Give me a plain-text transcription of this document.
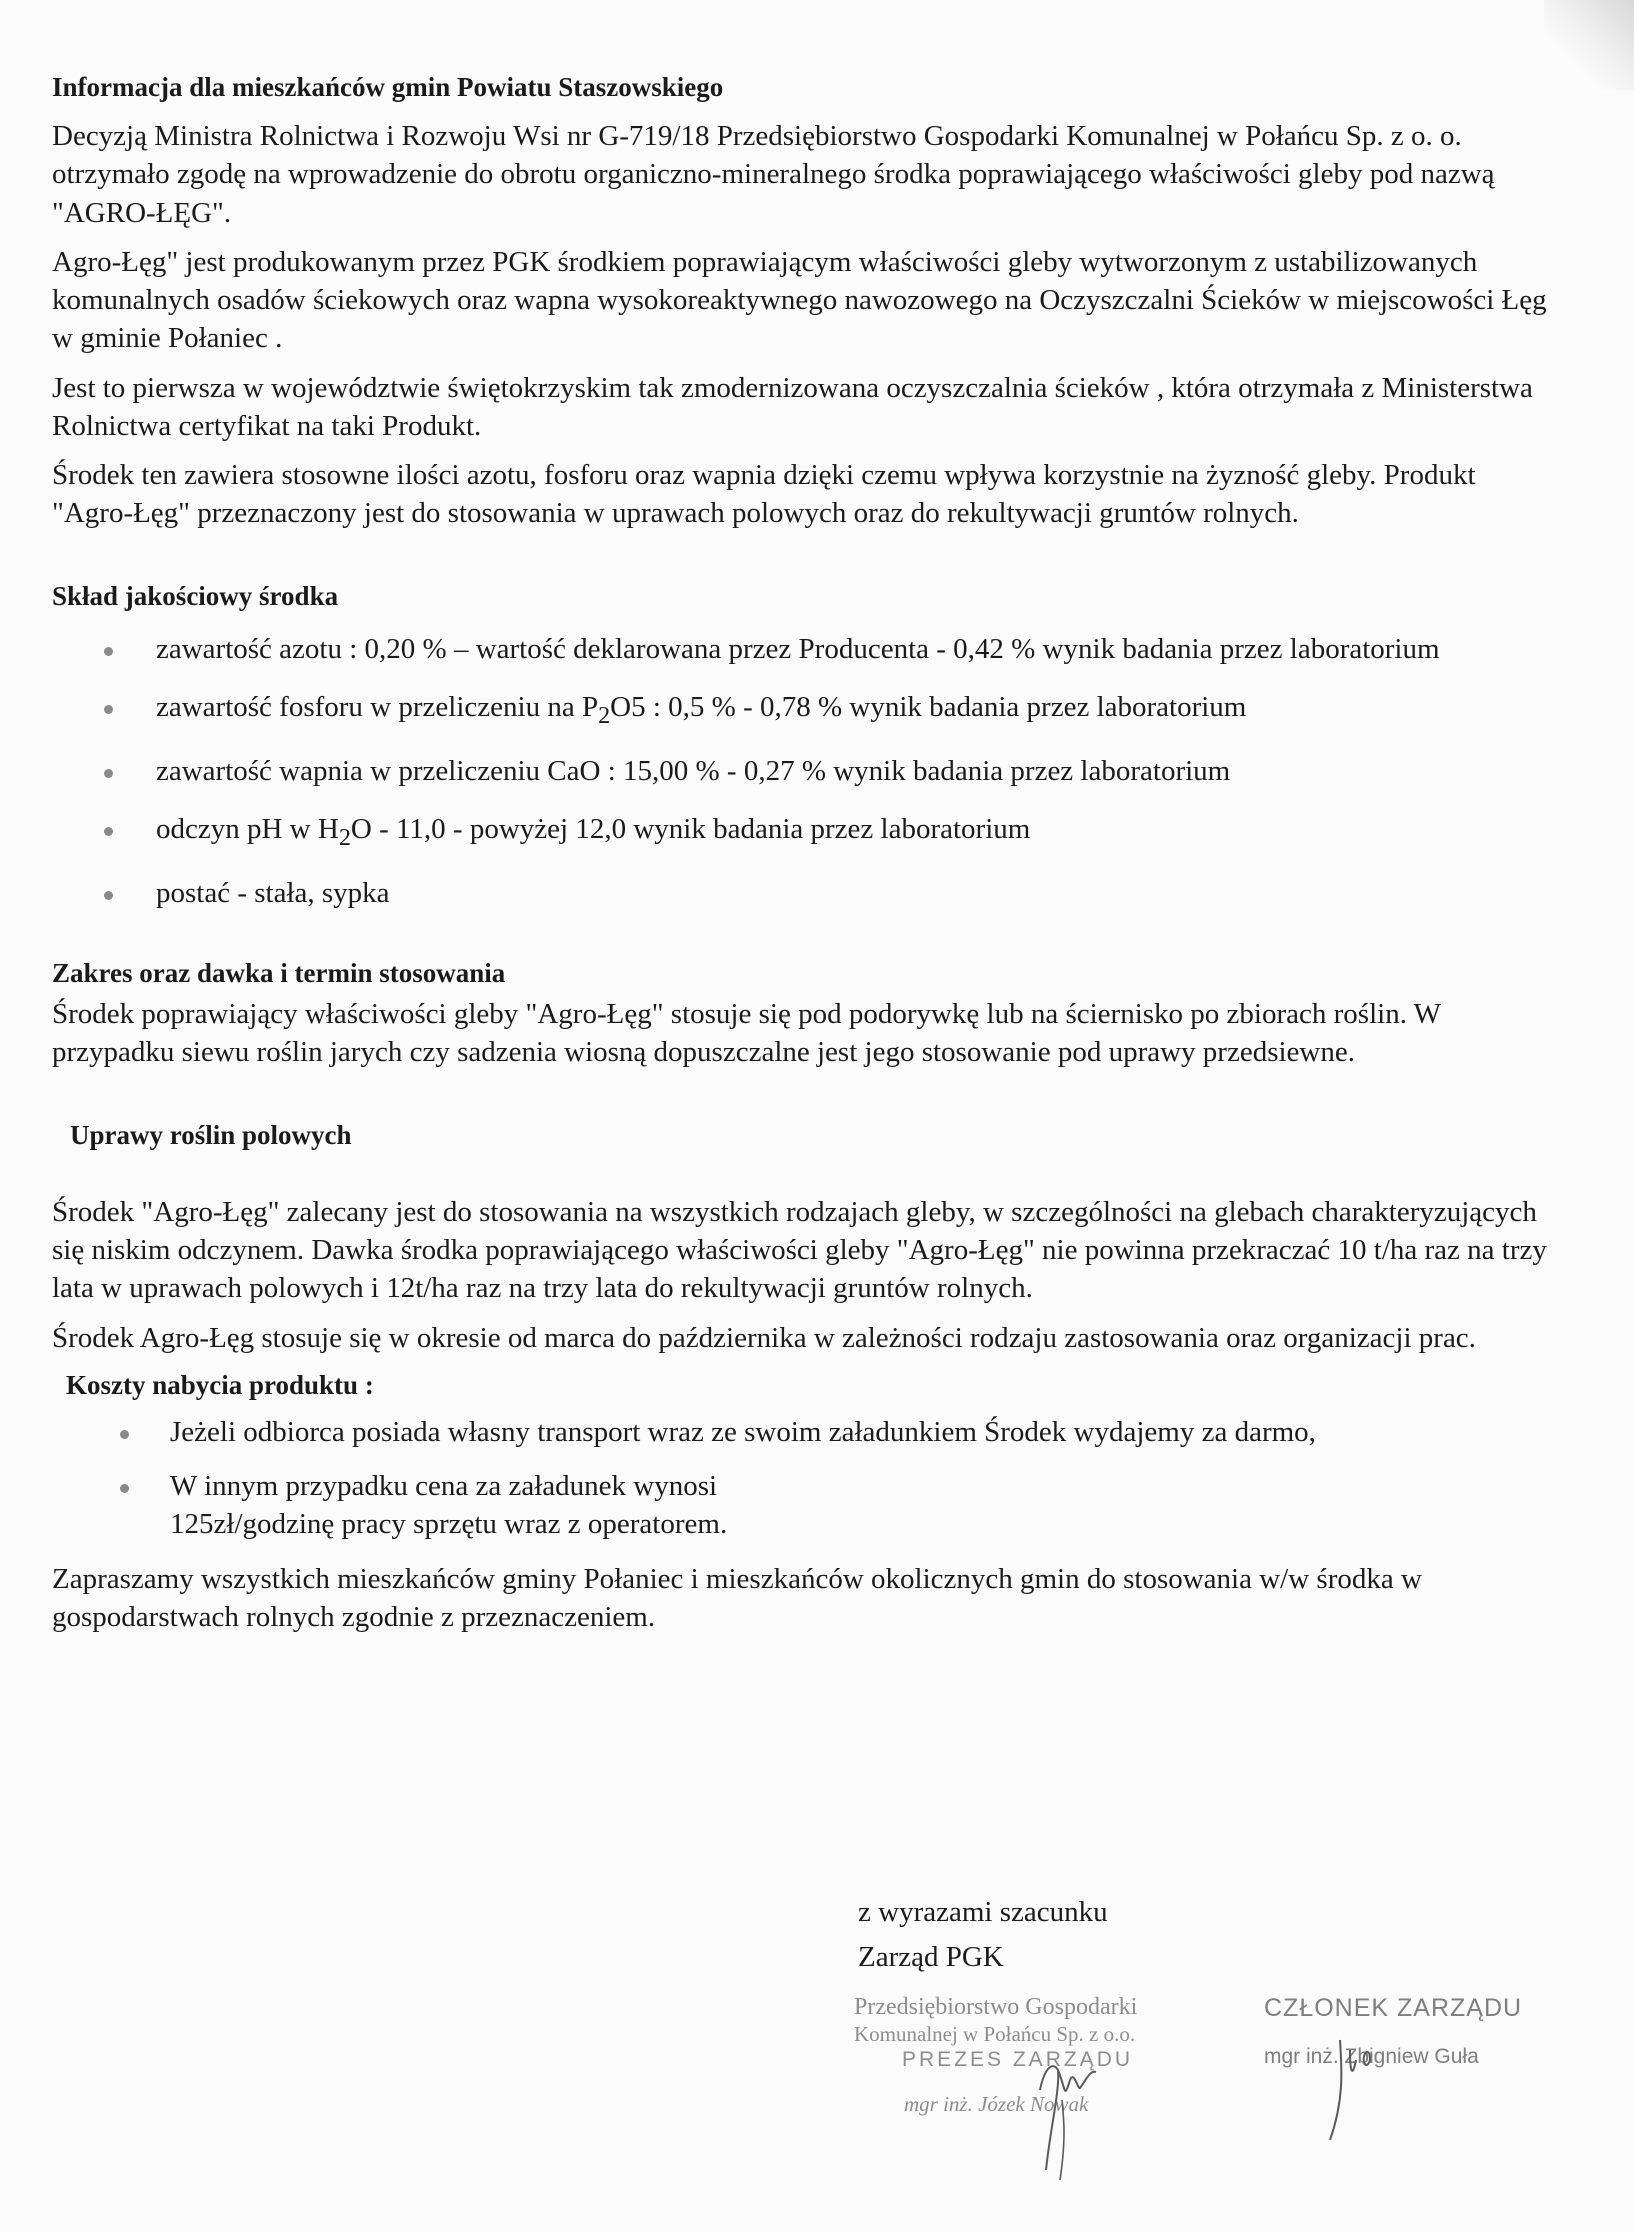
Informacja dla mieszkańców gmin Powiatu Staszowskiego

Decyzją Ministra Rolnictwa i Rozwoju Wsi nr G-719/18 Przedsiębiorstwo Gospodarki Komunalnej w Połańcu Sp. z o. o. otrzymało zgodę na wprowadzenie do obrotu organiczno-mineralnego środka poprawiającego właściwości gleby pod nazwą "AGRO-ŁĘG".

Agro-Łęg" jest produkowanym przez PGK środkiem poprawiającym właściwości gleby wytworzonym z ustabilizowanych komunalnych osadów ściekowych oraz wapna wysokoreaktywnego nawozowego na Oczyszczalni Ścieków w miejscowości Łęg w gminie Połaniec .

Jest to pierwsza w województwie świętokrzyskim tak zmodernizowana oczyszczalnia ścieków , która otrzymała z Ministerstwa Rolnictwa certyfikat na taki Produkt.

Środek ten zawiera stosowne ilości azotu, fosforu oraz wapnia dzięki czemu wpływa korzystnie na żyzność gleby. Produkt "Agro-Łęg" przeznaczony jest do stosowania w uprawach polowych oraz do rekultywacji gruntów rolnych.

Skład jakościowy środka
zawartość azotu : 0,20 % – wartość deklarowana przez Producenta - 0,42 % wynik badania przez laboratorium
zawartość fosforu w przeliczeniu na $P_2O5$ : 0,5 % - 0,78 % wynik badania przez laboratorium
zawartość wapnia w przeliczeniu CaO : 15,00 % - 0,27 % wynik badania przez laboratorium
odczyn pH w $H_2O - 11,0$ - powyżej 12,0 wynik badania przez laboratorium
postać - stała, sypka
Zakres oraz dawka i termin stosowania

Środek poprawiający właściwości gleby "Agro-Łęg" stosuje się pod podorywkę lub na ściernisko po zbiorach roślin. W przypadku siewu roślin jarych czy sadzenia wiosną dopuszczalne jest jego stosowanie pod uprawy przedsiewne.

Uprawy roślin polowych

Środek "Agro-Łęg" zalecany jest do stosowania na wszystkich rodzajach gleby, w szczególności na glebach charakteryzujących się niskim odczynem. Dawka środka poprawiającego właściwości gleby "Agro-Łęg" nie powinna przekraczać 10 t/ha raz na trzy lata w uprawach polowych i 12t/ha raz na trzy lata do rekultywacji gruntów rolnych.

Środek Agro-Łęg stosuje się w okresie od marca do października w zależności rodzaju zastosowania oraz organizacji prac.

Koszty nabycia produktu :
Jeżeli odbiorca posiada własny transport wraz ze swoim załadunkiem Środek wydajemy za darmo,
W innym przypadku cena za załadunek wynosi 125zł/godzinę pracy sprzętu wraz z operatorem.

Zapraszamy wszystkich mieszkańców gminy Połaniec i mieszkańców okolicznych gmin do stosowania w/w środka w gospodarstwach rolnych zgodnie z przeznaczeniem.

z wyrazami szacunku
Zarząd PGK
Przedsiębiorstwo Gospodarki
Komunalnej w Połańcu Sp. z o.o.
PREZES ZARZĄDU
mgr inż. Józek Nowak
CZŁONEK ZARZĄDU
mgr inż. Zbigniew Guła
